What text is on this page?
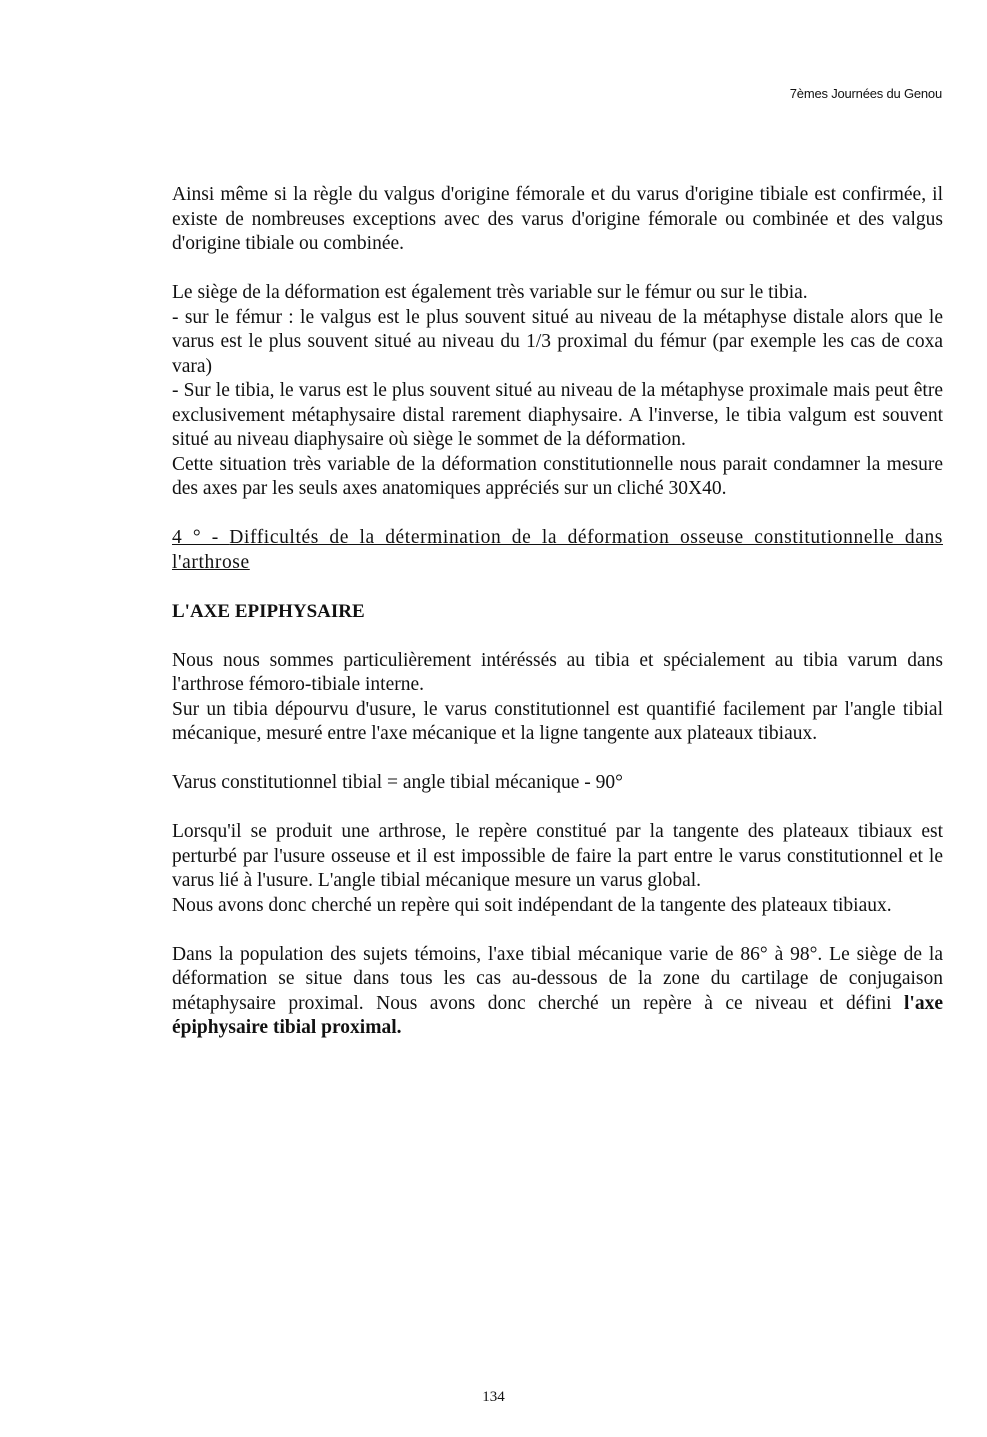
7èmes Journées du Genou

Ainsi même si la règle du valgus d'origine fémorale et du varus d'origine tibiale est confirmée, il existe de nombreuses exceptions avec des varus d'origine fémorale ou combinée et des valgus d'origine tibiale ou combinée.

Le siège de la déformation est également très variable sur le fémur ou sur le tibia.
- sur le fémur : le valgus est le plus souvent situé au niveau de la métaphyse distale alors que le varus est le plus souvent situé au niveau du 1/3 proximal du fémur (par exemple les cas de coxa vara)
- Sur le tibia, le varus est le plus souvent situé au niveau de la métaphyse proximale mais peut être exclusivement métaphysaire distal rarement diaphysaire. A l'inverse, le tibia valgum est souvent situé au niveau diaphysaire où siège le sommet de la déformation.
Cette situation très variable de la déformation constitutionnelle nous parait condamner la mesure des axes par les seuls axes anatomiques appréciés sur un cliché 30X40.

4 ° - Difficultés de la détermination de la déformation osseuse constitutionnelle dans l'arthrose

L'AXE EPIPHYSAIRE

Nous nous sommes particulièrement intéréssés au tibia et spécialement au tibia varum dans l'arthrose fémoro-tibiale interne.
Sur un tibia dépourvu d'usure, le varus constitutionnel est quantifié facilement par l'angle tibial mécanique, mesuré entre l'axe mécanique et la ligne tangente aux plateaux tibiaux.

Varus constitutionnel tibial = angle tibial mécanique - 90°

Lorsqu'il se produit une arthrose, le repère constitué par la tangente des plateaux tibiaux est perturbé par l'usure osseuse et il est impossible de faire la part entre le varus constitutionnel et le varus lié à l'usure. L'angle tibial mécanique mesure un varus global.
Nous avons donc cherché un repère qui soit indépendant de la tangente des plateaux tibiaux.

Dans la population des sujets témoins, l'axe tibial mécanique varie de 86° à 98°. Le siège de la déformation se situe dans tous les cas au-dessous de la zone du cartilage de conjugaison métaphysaire proximal. Nous avons donc cherché un repère à ce niveau et défini l'axe épiphysaire tibial proximal.

134
